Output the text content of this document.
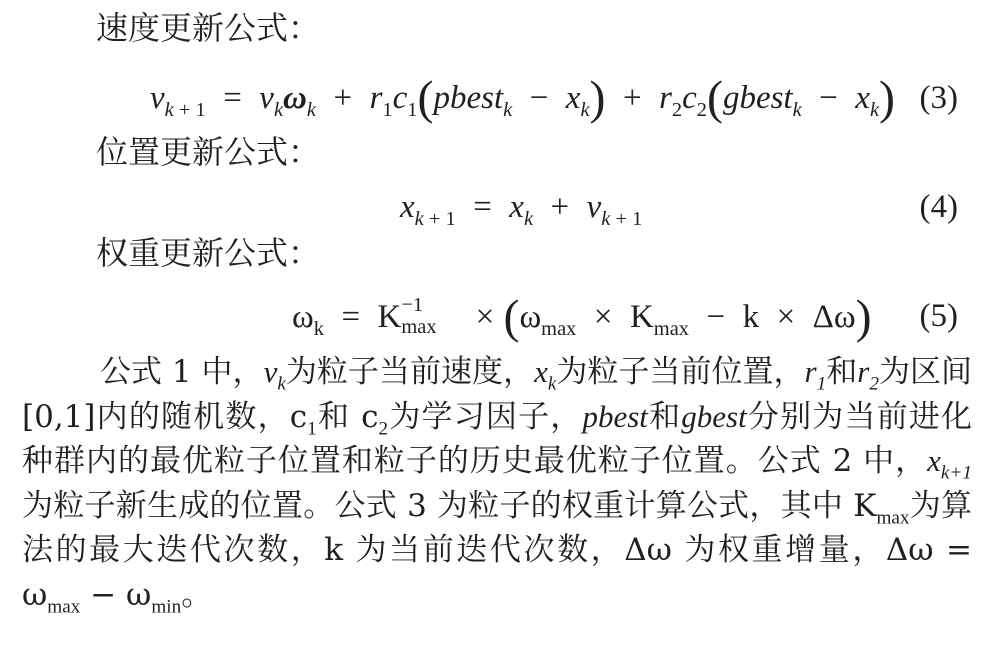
速度更新公式：
$v_k$ $_{+ 1} = v_k\omega_k$ + $r_1c_1(pbest_k - x_k)$ + $r_2c_2(gbest_k - x_k)$ (3)
位置更新公式：
$x_k$ $_{+ 1} = x_k + v_k$ $_{+ 1}$	(4)
权重更新公式：
$\omega_k = K -1$
$\max \times (\omega_{max} \times K_{max} - k \times \Delta\omega)$ (5)
公式 1 中，$v_k$为粒子当前速度，$x_k$为粒子当前位置，$r_1$和$r_2$为区间[0,1]内的随机数，$c_1$和 $c_2$为学习因子，pbest和gbest分别为当前进化种群内的最优粒子位置和粒子的历史最优粒子位置。公式 2 中，$x_{k+1}$为粒子新生成的位置。公式 3 为粒子的权重计算公式，其中 $K_{max}$为算法的最大迭代次数，k 为当前迭代次数，Δω 为权重增量，$\Delta\omega = \omega_{max} - \omega_{min}$。
